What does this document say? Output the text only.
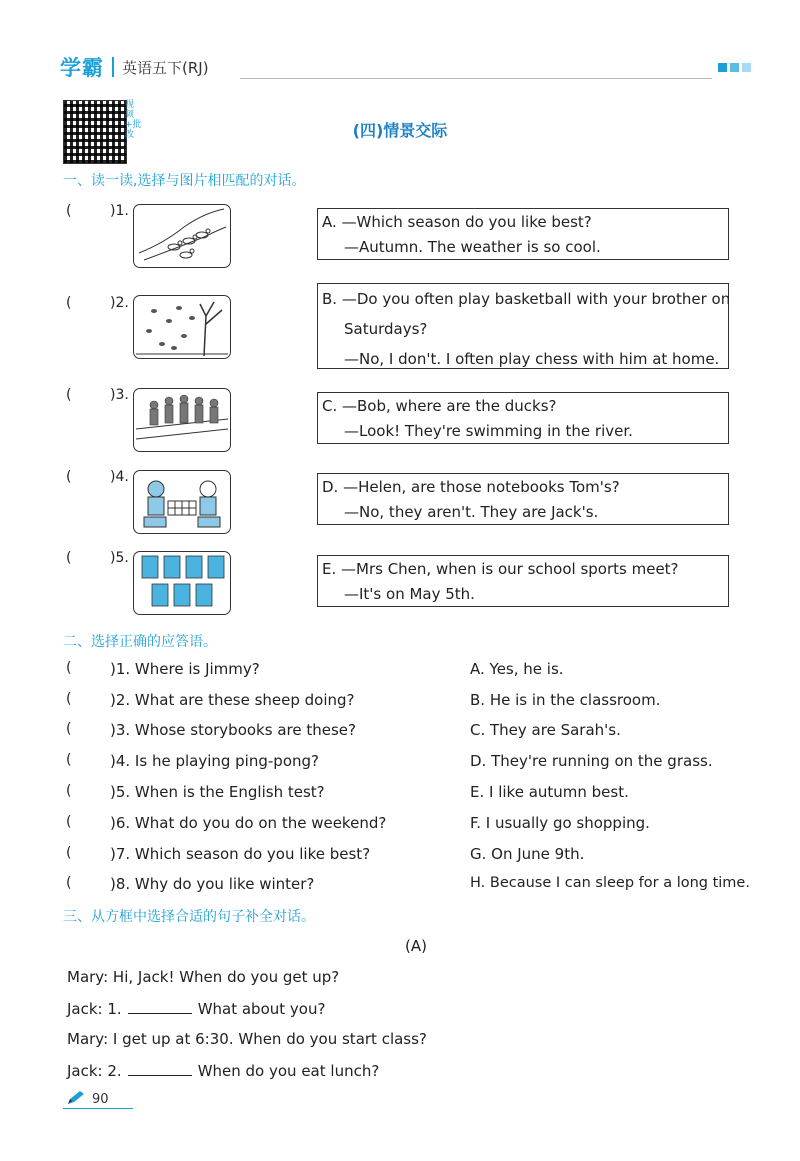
学霸 英语五下(RJ)
视频+批改	(四)情景交际
一、读一读,选择与图片相匹配的对话。
(	)1.
(	)2.
(	)3.
(	)4.
(	)5.
A. —Which season do you like best?
—Autumn. The weather is so cool.
B. —Do you often play basketball with your brother on
Saturdays?
—No, I don't. I often play chess with him at home.
C. —Bob, where are the ducks?
—Look! They're swimming in the river.
D. —Helen, are those notebooks Tom's?
—No, they aren't. They are Jack's.
E. —Mrs Chen, when is our school sports meet?
—It's on May 5th.
二、选择正确的应答语。
(	)1. Where is Jimmy?	A. Yes, he is.
(	)2. What are these sheep doing?	B. He is in the classroom.
(	)3. Whose storybooks are these?	C. They are Sarah's.
(	)4. Is he playing ping-pong?	D. They're running on the grass.
(	)5. When is the English test?	E. I like autumn best.
(	)6. What do you do on the weekend?	F. I usually go shopping.
(	)7. Which season do you like best?	G. On June 9th.
(	)8. Why do you like winter?	H. Because I can sleep for a long time.
三、从方框中选择合适的句子补全对话。
(A)
Mary: Hi, Jack! When do you get up?
Jack: 1.	What about you?
Mary: I get up at 6:30. When do you start class?
Jack: 2.	When do you eat lunch?
90
